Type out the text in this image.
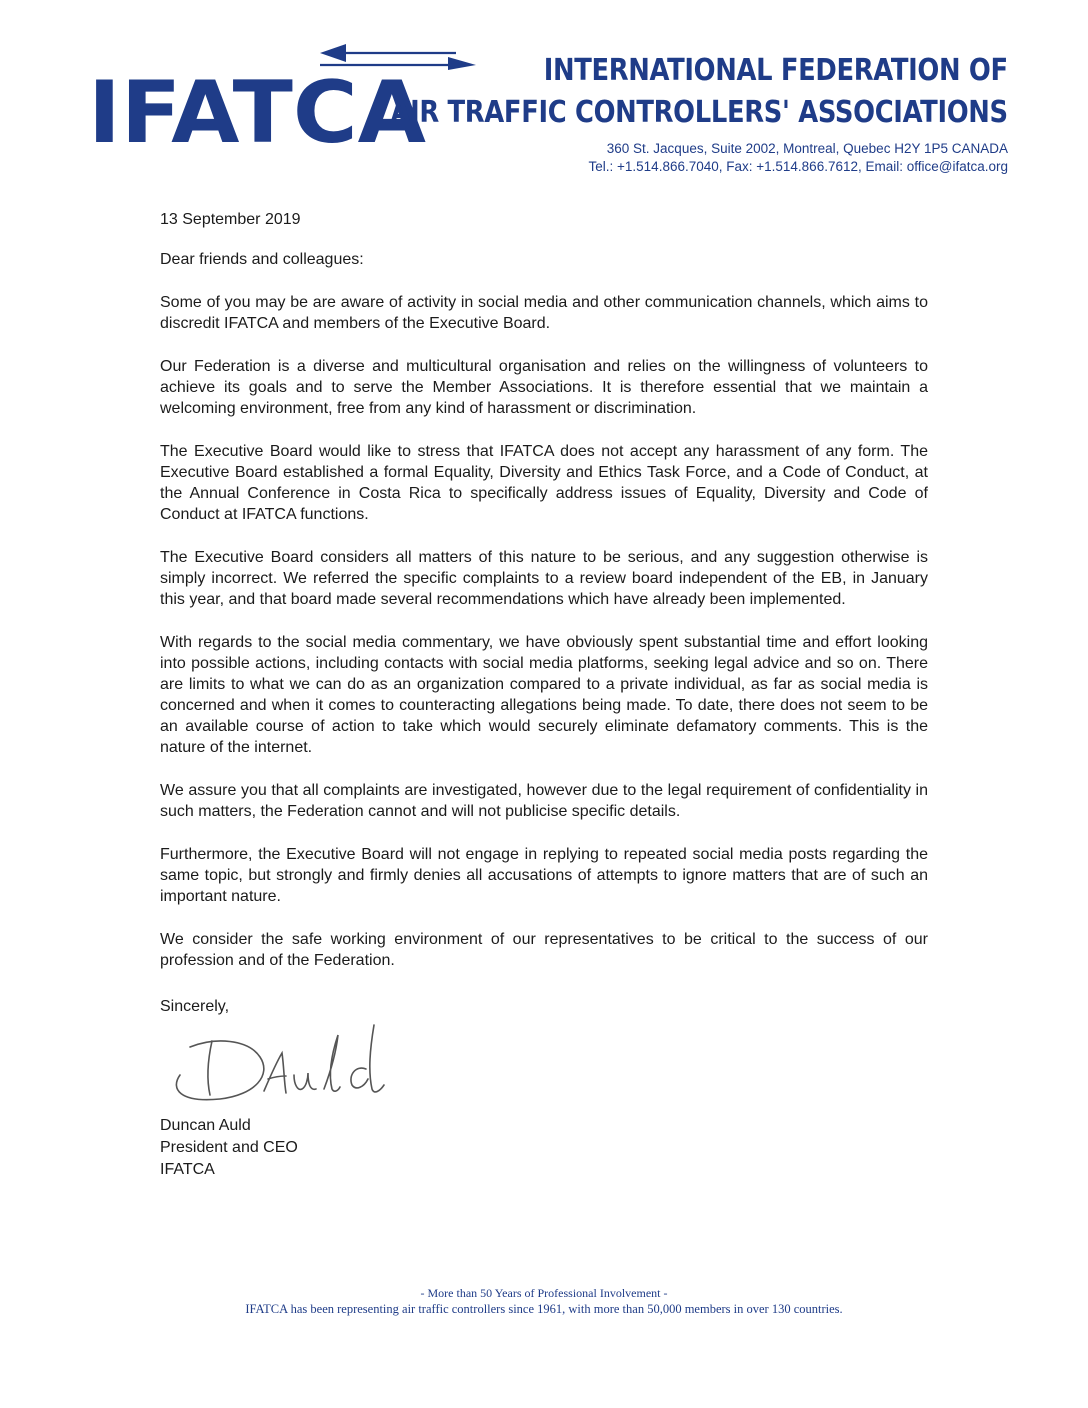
IFATCA	INTERNATIONAL FEDERATION OF
AIR TRAFFIC CONTROLLERS' ASSOCIATIONS
360 St. Jacques, Suite 2002, Montreal, Quebec H2Y 1P5 CANADA
Tel.: +1.514.866.7040, Fax: +1.514.866.7612, Email: office@ifatca.org
13 September 2019
Dear friends and colleagues:

Some of you may be are aware of activity in social media and other communication channels, which aims to discredit IFATCA and members of the Executive Board.

Our Federation is a diverse and multicultural organisation and relies on the willingness of volunteers to achieve its goals and to serve the Member Associations. It is therefore essential that we maintain a welcoming environment, free from any kind of harassment or discrimination.

The Executive Board would like to stress that IFATCA does not accept any harassment of any form. The Executive Board established a formal Equality, Diversity and Ethics Task Force, and a Code of Conduct, at the Annual Conference in Costa Rica to specifically address issues of Equality, Diversity and Code of Conduct at IFATCA functions.

The Executive Board considers all matters of this nature to be serious, and any suggestion otherwise is simply incorrect. We referred the specific complaints to a review board independent of the EB, in January this year, and that board made several recommendations which have already been implemented.

With regards to the social media commentary, we have obviously spent substantial time and effort looking into possible actions, including contacts with social media platforms, seeking legal advice and so on. There are limits to what we can do as an organization compared to a private individual, as far as social media is concerned and when it comes to counteracting allegations being made. To date, there does not seem to be an available course of action to take which would securely eliminate defamatory comments. This is the nature of the internet.

We assure you that all complaints are investigated, however due to the legal requirement of confidentiality in such matters, the Federation cannot and will not publicise specific details.

Furthermore, the Executive Board will not engage in replying to repeated social media posts regarding the same topic, but strongly and firmly denies all accusations of attempts to ignore matters that are of such an important nature.

We consider the safe working environment of our representatives to be critical to the success of our profession and of the Federation.

Sincerely,
Duncan Auld
President and CEO
IFATCA
- More than 50 Years of Professional Involvement -
IFATCA has been representing air traffic controllers since 1961, with more than 50,000 members in over 130 countries.
